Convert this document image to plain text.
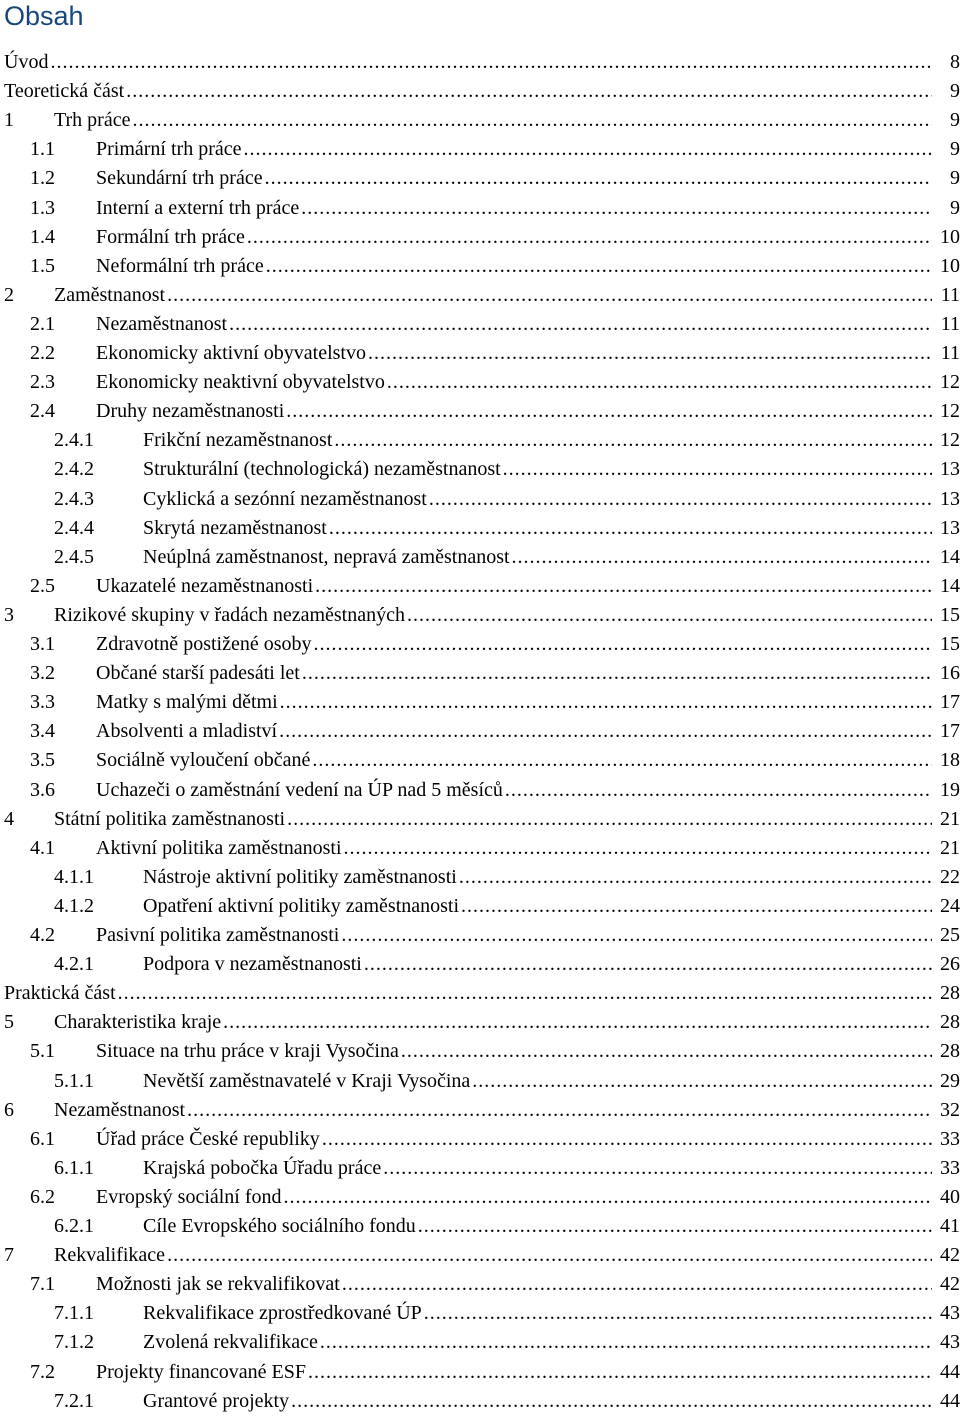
Obsah
Úvod .....	8
Teoretická část .....	9
1 Trh práce .....	9
1.1 Primární trh práce .....	9
1.2 Sekundární trh práce .....	9
1.3 Interní a externí trh práce .....	9
1.4 Formální trh práce .....	10
1.5 Neformální trh práce .....	10
2 Zaměstnanost .....	11
2.1 Nezaměstnanost .....	11
2.2 Ekonomicky aktivní obyvatelstvo .....	11
2.3 Ekonomicky neaktivní obyvatelstvo .....	12
2.4 Druhy nezaměstnanosti .....	12
2.4.1 Frikční nezaměstnanost .....	12
2.4.2 Strukturální (technologická) nezaměstnanost .....	13
2.4.3 Cyklická a sezónní nezaměstnanost .....	13
2.4.4 Skrytá nezaměstnanost .....	13
2.4.5 Neúplná zaměstnanost, nepravá zaměstnanost .....	14
2.5 Ukazatelé nezaměstnanosti .....	14
3 Rizikové skupiny v řadách nezaměstnaných .....	15
3.1 Zdravotně postižené osoby .....	15
3.2 Občané starší padesáti let .....	16
3.3 Matky s malými dětmi .....	17
3.4 Absolventi a mladiství .....	17
3.5 Sociálně vyloučení občané .....	18
3.6 Uchazeči o zaměstnání vedení na ÚP nad 5 měsíců .....	19
4 Státní politika zaměstnanosti .....	21
4.1 Aktivní politika zaměstnanosti .....	21
4.1.1 Nástroje aktivní politiky zaměstnanosti .....	22
4.1.2 Opatření aktivní politiky zaměstnanosti .....	24
4.2 Pasivní politika zaměstnanosti .....	25
4.2.1 Podpora v nezaměstnanosti .....	26
Praktická část .....	28
5 Charakteristika kraje .....	28
5.1 Situace na trhu práce v kraji Vysočina .....	28
5.1.1 Nevětší zaměstnavatelé v Kraji Vysočina .....	29
6 Nezaměstnanost .....	32
6.1 Úřad práce České republiky .....	33
6.1.1 Krajská pobočka Úřadu práce .....	33
6.2 Evropský sociální fond .....	40
6.2.1 Cíle Evropského sociálního fondu .....	41
7 Rekvalifikace .....	42
7.1 Možnosti jak se rekvalifikovat .....	42
7.1.1 Rekvalifikace zprostředkované ÚP .....	43
7.1.2 Zvolená rekvalifikace .....	43
7.2 Projekty financované ESF .....	44
7.2.1 Grantové projekty .....	44
